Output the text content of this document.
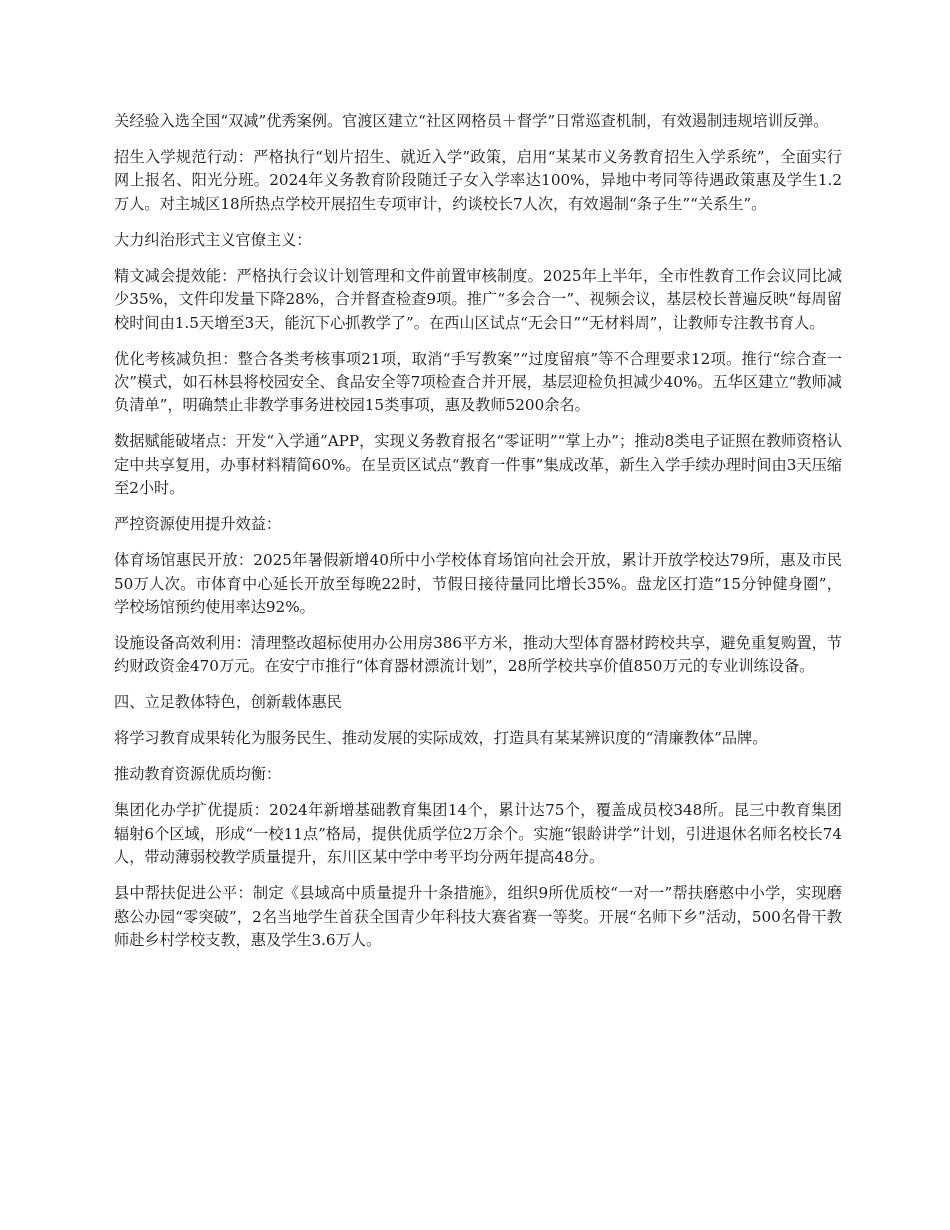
关经验入选全国“双减”优秀案例。官渡区建立“社区网格员＋督学”日常巡查机制，有效遏制违规培训反弹。

招生入学规范行动：严格执行“划片招生、就近入学”政策，启用“某某市义务教育招生入学系统”，全面实行网上报名、阳光分班。2024年义务教育阶段随迁子女入学率达100%，异地中考同等待遇政策惠及学生1.2万人。对主城区18所热点学校开展招生专项审计，约谈校长7人次，有效遏制“条子生”“关系生”。

大力纠治形式主义官僚主义：

精文减会提效能：严格执行会议计划管理和文件前置审核制度。2025年上半年，全市性教育工作会议同比减少35%，文件印发量下降28%，合并督查检查9项。推广“多会合一”、视频会议，基层校长普遍反映“每周留校时间由1.5天增至3天，能沉下心抓教学了”。在西山区试点“无会日”“无材料周”，让教师专注教书育人。

优化考核减负担：整合各类考核事项21项，取消“手写教案”“过度留痕”等不合理要求12项。推行“综合查一次”模式，如石林县将校园安全、食品安全等7项检查合并开展，基层迎检负担减少40%。五华区建立“教师减负清单”，明确禁止非教学事务进校园15类事项，惠及教师5200余名。

数据赋能破堵点：开发“入学通”APP，实现义务教育报名“零证明”“掌上办”；推动8类电子证照在教师资格认定中共享复用，办事材料精简60%。在呈贡区试点“教育一件事”集成改革，新生入学手续办理时间由3天压缩至2小时。

严控资源使用提升效益：

体育场馆惠民开放：2025年暑假新增40所中小学校体育场馆向社会开放，累计开放学校达79所，惠及市民50万人次。市体育中心延长开放至每晚22时，节假日接待量同比增长35%。盘龙区打造“15分钟健身圈”，学校场馆预约使用率达92%。

设施设备高效利用：清理整改超标使用办公用房386平方米，推动大型体育器材跨校共享，避免重复购置，节约财政资金470万元。在安宁市推行“体育器材漂流计划”，28所学校共享价值850万元的专业训练设备。

四、立足教体特色，创新载体惠民

将学习教育成果转化为服务民生、推动发展的实际成效，打造具有某某辨识度的“清廉教体”品牌。

推动教育资源优质均衡：

集团化办学扩优提质：2024年新增基础教育集团14个，累计达75个，覆盖成员校348所。昆三中教育集团辐射6个区域，形成“一校11点”格局，提供优质学位2万余个。实施“银龄讲学”计划，引进退休名师名校长74人，带动薄弱校教学质量提升，东川区某中学中考平均分两年提高48分。

县中帮扶促进公平：制定《县域高中质量提升十条措施》，组织9所优质校“一对一”帮扶磨憨中小学，实现磨憨公办园“零突破”，2名当地学生首获全国青少年科技大赛省赛一等奖。开展“名师下乡”活动，500名骨干教师赴乡村学校支教，惠及学生3.6万人。
